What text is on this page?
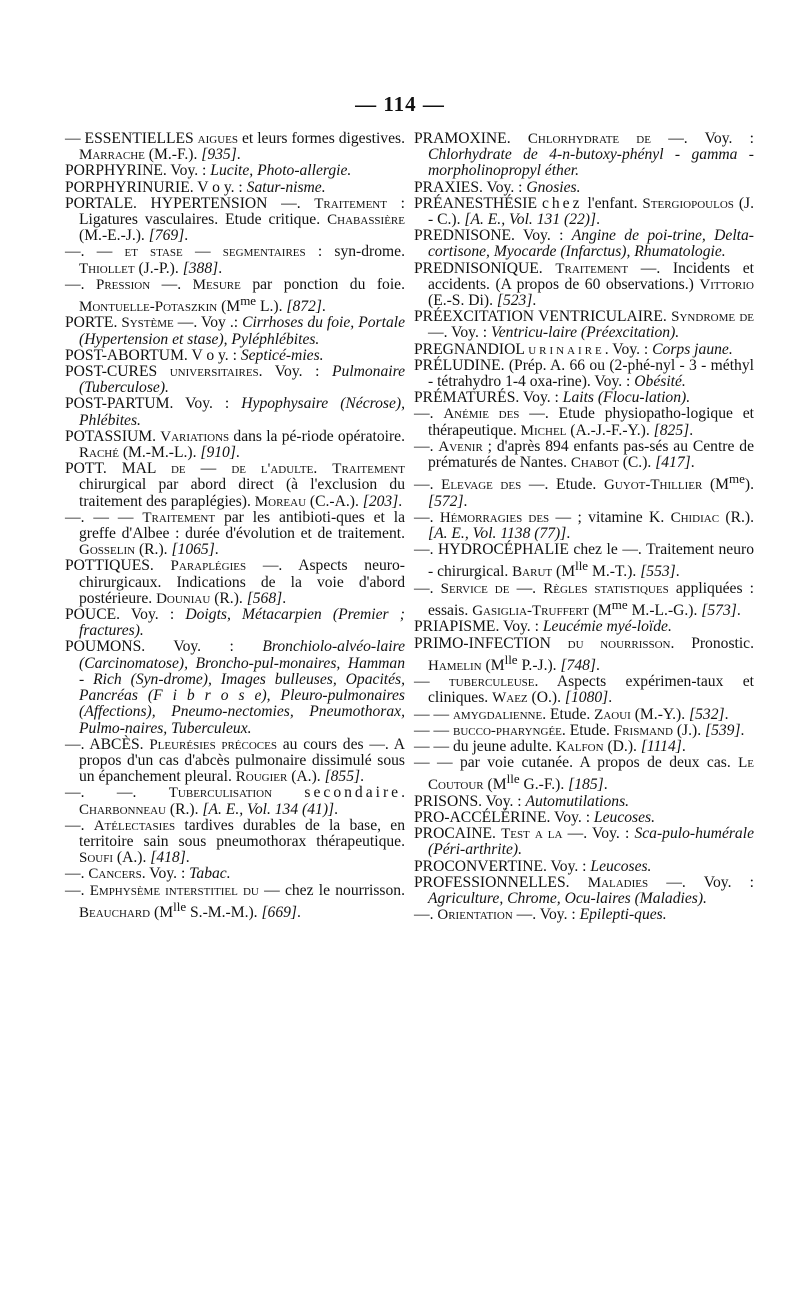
— 114 —

— ESSENTIELLES aigues et leurs formes digestives. Marrache (M.-F.). [935].

PORPHYRINE. Voy. : Lucite, Photo-allergie.

PORPHYRINURIE. V o y. : Satur-nisme.

PORTALE. HYPERTENSION —. Traitement : Ligatures vasculaires. Etude critique. Chabassière (M.-E.-J.). [769].

—. — et stase — segmentaires : syn-drome. Thiollet (J.-P.). [388].

—. Pression —. Mesure par ponction du foie. Montuelle-Potaszkin ($M^{me}$ L.). [872].

PORTE. Système —. Voy .: Cirrhoses du foie, Portale (Hypertension et stase), Pyléphlébites.

POST-ABORTUM. V o y. : Septicé-mies.

POST-CURES universitaires. Voy. : Pulmonaire (Tuberculose).

POST-PARTUM. Voy. : Hypophysaire (Nécrose), Phlébites.

POTASSIUM. Variations dans la pé-riode opératoire. Raché (M.-M.-L.). [910].

POTT. MAL de — de l'adulte. Traitement chirurgical par abord direct (à l'exclusion du traitement des paraplégies). Moreau (C.-A.). [203].

—. — — Traitement par les antibioti-ques et la greffe d'Albee : durée d'évolution et de traitement. Gosselin (R.). [1065].

POTTIQUES. Paraplégies —. Aspects neuro-chirurgicaux. Indications de la voie d'abord postérieure. Douniau (R.). [568].

POUCE. Voy. : Doigts, Métacarpien (Premier ; fractures).

POUMONS. Voy. : Bronchiolo-alvéo-laire (Carcinomatose), Broncho-pul-monaires, Hamman - Rich (Syn-drome), Images bulleuses, Opacités, Pancréas (F i b r o s e), Pleuro-pulmonaires (Affections), Pneumo-nectomies, Pneumothorax, Pulmo-naires, Tuberculeux.

—. ABCÈS. Pleurésies précoces au cours des —. A propos d'un cas d'abcès pulmonaire dissimulé sous un épanchement pleural. Rougier (A.). [855].

—. —. Tuberculisation secondaire. Charbonneau (R.). [A. E., Vol. 134 (41)].

—. Atélectasies tardives durables de la base, en territoire sain sous pneumothorax thérapeutique. Soufi (A.). [418].

—. Cancers. Voy. : Tabac.

—. Emphysème interstitiel du — chez le nourrisson. Beauchard ($M^{lle}$ S.-M.-M.). [669].

PRAMOXINE. Chlorhydrate de —. Voy. : Chlorhydrate de 4-n-butoxy-phényl - gamma - morpholinopropyl éther.

PRAXIES. Voy. : Gnosies.

PRÉANESTHÉSIE chez l'enfant. Stergiopoulos (J. - C.). [A. E., Vol. 131 (22)].

PREDNISONE. Voy. : Angine de poi-trine, Delta-cortisone, Myocarde (Infarctus), Rhumatologie.

PREDNISONIQUE. Traitement —. Incidents et accidents. (A propos de 60 observations.) Vittorio (E.-S. Di). [523].

PRÉEXCITATION VENTRICULAIRE. Syndrome de —. Voy. : Ventricu-laire (Préexcitation).

PREGNANDIOL urinaire. Voy. : Corps jaune.

PRÉLUDINE. (Prép. A. 66 ou (2-phé-nyl - 3 - méthyl - tétrahydro 1-4 oxa-rine). Voy. : Obésité.

PRÉMATURÉS. Voy. : Laits (Flocu-lation).

—. Anémie des —. Etude physiopatho-logique et thérapeutique. Michel (A.-J.-F.-Y.). [825].

—. Avenir ; d'après 894 enfants pas-sés au Centre de prématurés de Nantes. Chabot (C.). [417].

—. Elevage des —. Etude. Guyot-Thillier $(M^{me})$. [572].

—. Hémorragies des — ; vitamine K. Chidiac (R.). [A. E., Vol. 1138 (77)].

—. HYDROCÉPHALIE chez le —. Traitement neuro - chirurgical. Barut ($M^{lle}$ M.-T.). [553].

—. Service de —. Règles statistiques appliquées : essais. Gasiglia-Truffert ($M^{me}$ M.-L.-G.). [573].

PRIAPISME. Voy. : Leucémie myé-loïde.

PRIMO-INFECTION du nourrisson. Pronostic. Hamelin ($M^{lle}$ P.-J.). [748].

— tuberculeuse. Aspects expérimen-taux et cliniques. Waez (O.). [1080].

— — amygdalienne. Etude. Zaoui (M.-Y.). [532].

— — bucco-pharyngée. Etude. Frismand (J.). [539].

— — du jeune adulte. Kalfon (D.). [1114].

— — par voie cutanée. A propos de deux cas. Le Coutour ($M^{lle}$ G.-F.). [185].

PRISONS. Voy. : Automutilations.

PRO-ACCÉLÉRINE. Voy. : Leucoses.

PROCAINE. Test a la —. Voy. : Sca-pulo-humérale (Péri-arthrite).

PROCONVERTINE. Voy. : Leucoses.

PROFESSIONNELLES. Maladies —. Voy. : Agriculture, Chrome, Ocu-laires (Maladies).

—. Orientation —. Voy. : Epilepti-ques.
